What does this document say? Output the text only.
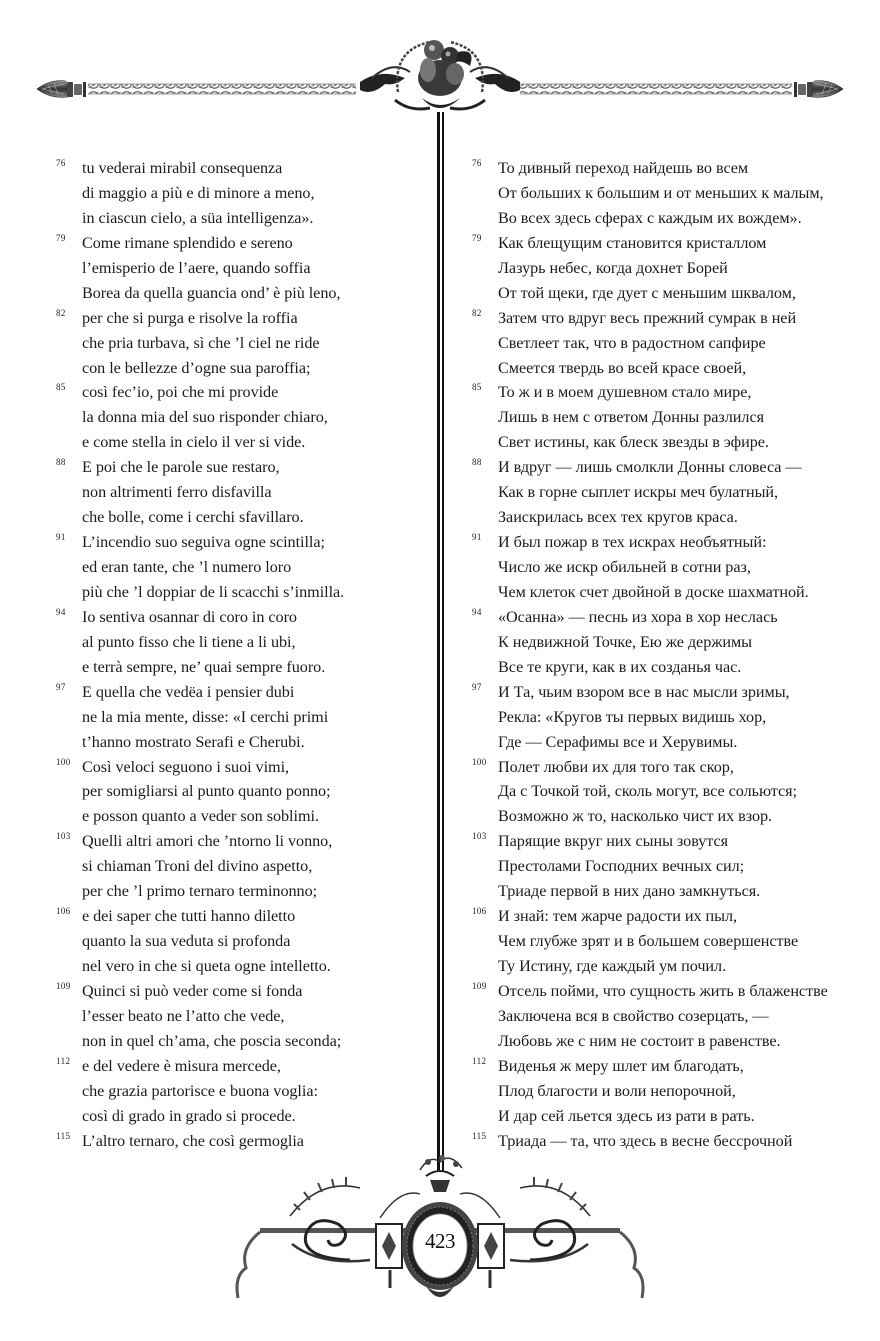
76 tu vederai mirabil consequenza
di maggio a più e di minore a meno,
in ciascun cielo, a süa intelligenza».
79 Come rimane splendido e sereno
l’emisperio de l’aere, quando soffia
Borea da quella guancia ond’ è più leno,
82 per che si purga e risolve la roffia
che pria turbava, sì che ’l ciel ne ride
con le bellezze d’ogne sua paroffia;
85 così fec’io, poi che mi provide
la donna mia del suo risponder chiaro,
e come stella in cielo il ver si vide.
88 E poi che le parole sue restaro,
non altrimenti ferro disfavilla
che bolle, come i cerchi sfavillaro.
91 L’incendio suo seguiva ogne scintilla;
ed eran tante, che ’l numero loro
più che ’l doppiar de li scacchi s’inmilla.
94 Io sentiva osannar di coro in coro
al punto fisso che li tiene a li ubi,
e terrà sempre, ne’ quai sempre fuoro.
97 E quella che vedëa i pensier dubi
ne la mia mente, disse: «I cerchi primi
t’hanno mostrato Serafi e Cherubi.
100 Così veloci seguono i suoi vimi,
per somigliarsi al punto quanto ponno;
e posson quanto a veder son soblimi.
103 Quelli altri amori che ’ntorno li vonno,
si chiaman Troni del divino aspetto,
per che ’l primo ternaro terminonno;
106 e dei saper che tutti hanno diletto
quanto la sua veduta si profonda
nel vero in che si queta ogne intelletto.
109 Quinci si può veder come si fonda
l’esser beato ne l’atto che vede,
non in quel ch’ama, che poscia seconda;
112 e del vedere è misura mercede,
che grazia partorisce e buona voglia:
così di grado in grado si procede.
115 L’altro ternaro, che così germoglia
76 То дивный переход найдешь во всем
От больших к большим и от меньших к малым,
Во всех здесь сферах с каждым их вождем».
79 Как блещущим становится кристаллом
Лазурь небес, когда дохнет Борей
От той щеки, где дует с меньшим шквалом,
82 Затем что вдруг весь прежний сумрак в ней
Светлеет так, что в радостном сапфире
Смеется твердь во всей красе своей,
85 То ж и в моем душевном стало мире,
Лишь в нем с ответом Донны разлился
Свет истины, как блеск звезды в эфире.
88 И вдруг — лишь смолкли Донны словеса —
Как в горне сыплет искры меч булатный,
Заискрилась всех тех кругов краса.
91 И был пожар в тех искрах необъятный:
Число же искр обильней в сотни раз,
Чем клеток счет двойной в доске шахматной.
94 «Осанна» — песнь из хора в хор неслась
К недвижной Точке, Ею же держимы
Все те круги, как в их созданья час.
97 И Та, чьим взором все в нас мысли зримы,
Рекла: «Кругов ты первых видишь хор,
Где — Серафимы все и Херувимы.
100 Полет любви их для того так скор,
Да с Точкой той, сколь могут, все сольются;
Возможно ж то, насколько чист их взор.
103 Парящие вкруг них сыны зовутся
Престолами Господних вечных сил;
Триаде первой в них дано замкнуться.
106 И знай: тем жарче радости их пыл,
Чем глубже зрят и в большем совершенстве
Ту Истину, где каждый ум почил.
109 Отсель пойми, что сущность жить в блаженстве
Заключена вся в свойство созерцать, —
Любовь же с ним не состоит в равенстве.
112 Виденья ж меру шлет им благодать,
Плод благости и воли непорочной,
И дар сей льется здесь из рати в рать.
115 Триада — та, что здесь в весне бессрочной
423
